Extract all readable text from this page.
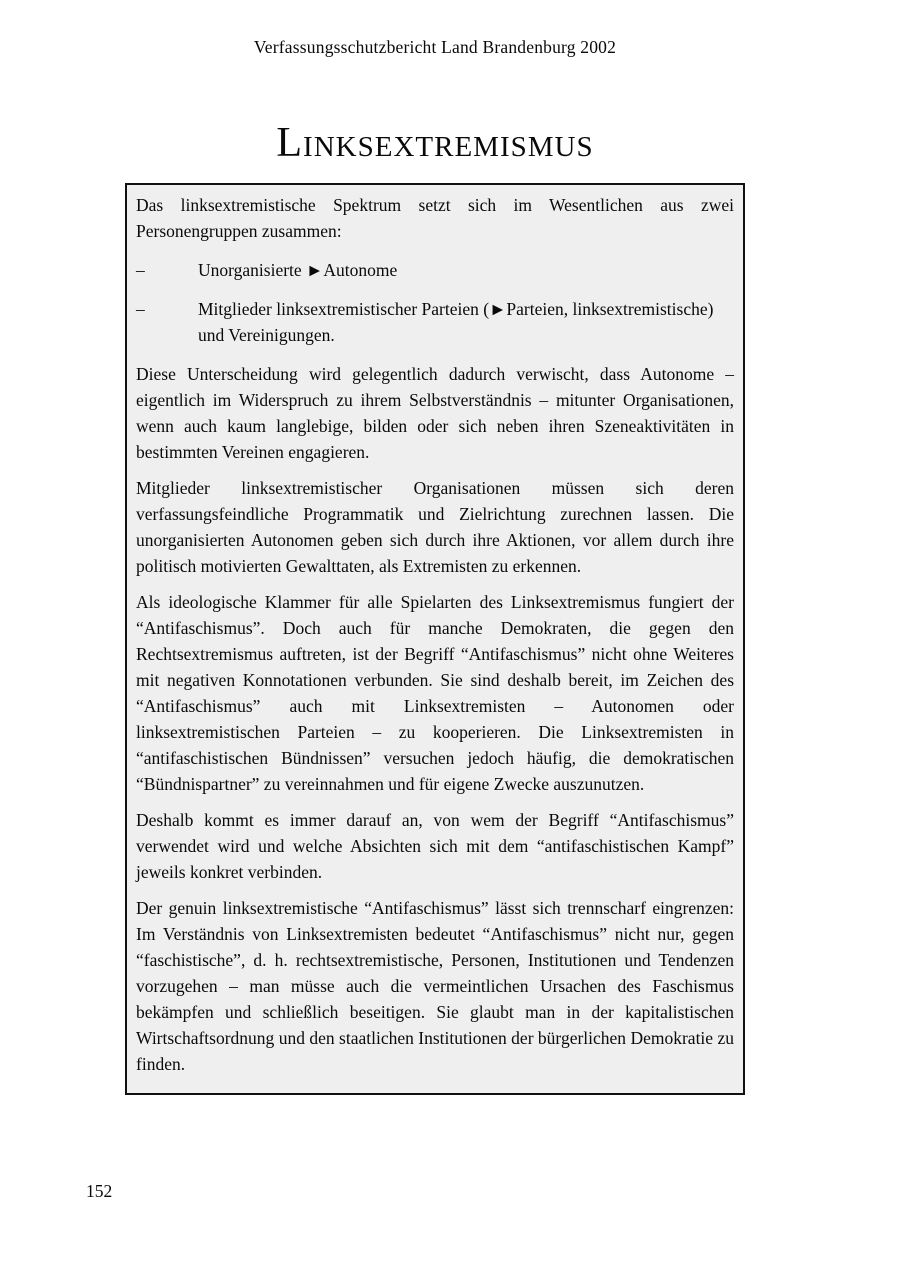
Verfassungsschutzbericht Land Brandenburg 2002
Linksextremismus

Das linksextremistische Spektrum setzt sich im Wesentlichen aus zwei Personengruppen zusammen:

–	Unorganisierte ►Autonome
–	Mitglieder linksextremistischer Parteien (►Parteien, linksextremistische) und Vereinigungen.

Diese Unterscheidung wird gelegentlich dadurch verwischt, dass Autonome – eigentlich im Widerspruch zu ihrem Selbstverständnis – mitunter Organisationen, wenn auch kaum langlebige, bilden oder sich neben ihren Szeneaktivitäten in bestimmten Vereinen engagieren.

Mitglieder linksextremistischer Organisationen müssen sich deren verfassungsfeindliche Programmatik und Zielrichtung zurechnen lassen. Die unorganisierten Autonomen geben sich durch ihre Aktionen, vor allem durch ihre politisch motivierten Gewalttaten, als Extremisten zu erkennen.

Als ideologische Klammer für alle Spielarten des Linksextremismus fungiert der “Antifaschismus”. Doch auch für manche Demokraten, die gegen den Rechtsextremismus auftreten, ist der Begriff “Antifaschismus” nicht ohne Weiteres mit negativen Konnotationen verbunden. Sie sind deshalb bereit, im Zeichen des “Antifaschismus” auch mit Linksextremisten – Autonomen oder linksextremistischen Parteien – zu kooperieren. Die Linksextremisten in “antifaschistischen Bündnissen” versuchen jedoch häufig, die demokratischen “Bündnispartner” zu vereinnahmen und für eigene Zwecke auszunutzen.

Deshalb kommt es immer darauf an, von wem der Begriff “Antifaschismus” verwendet wird und welche Absichten sich mit dem “antifaschistischen Kampf” jeweils konkret verbinden.

Der genuin linksextremistische “Antifaschismus” lässt sich trennscharf eingrenzen: Im Verständnis von Linksextremisten bedeutet “Antifaschismus” nicht nur, gegen “faschistische”, d. h. rechtsextremistische, Personen, Institutionen und Tendenzen vorzugehen – man müsse auch die vermeintlichen Ursachen des Faschismus bekämpfen und schließlich beseitigen. Sie glaubt man in der kapitalistischen Wirtschaftsordnung und den staatlichen Institutionen der bürgerlichen Demokratie zu finden.

152
